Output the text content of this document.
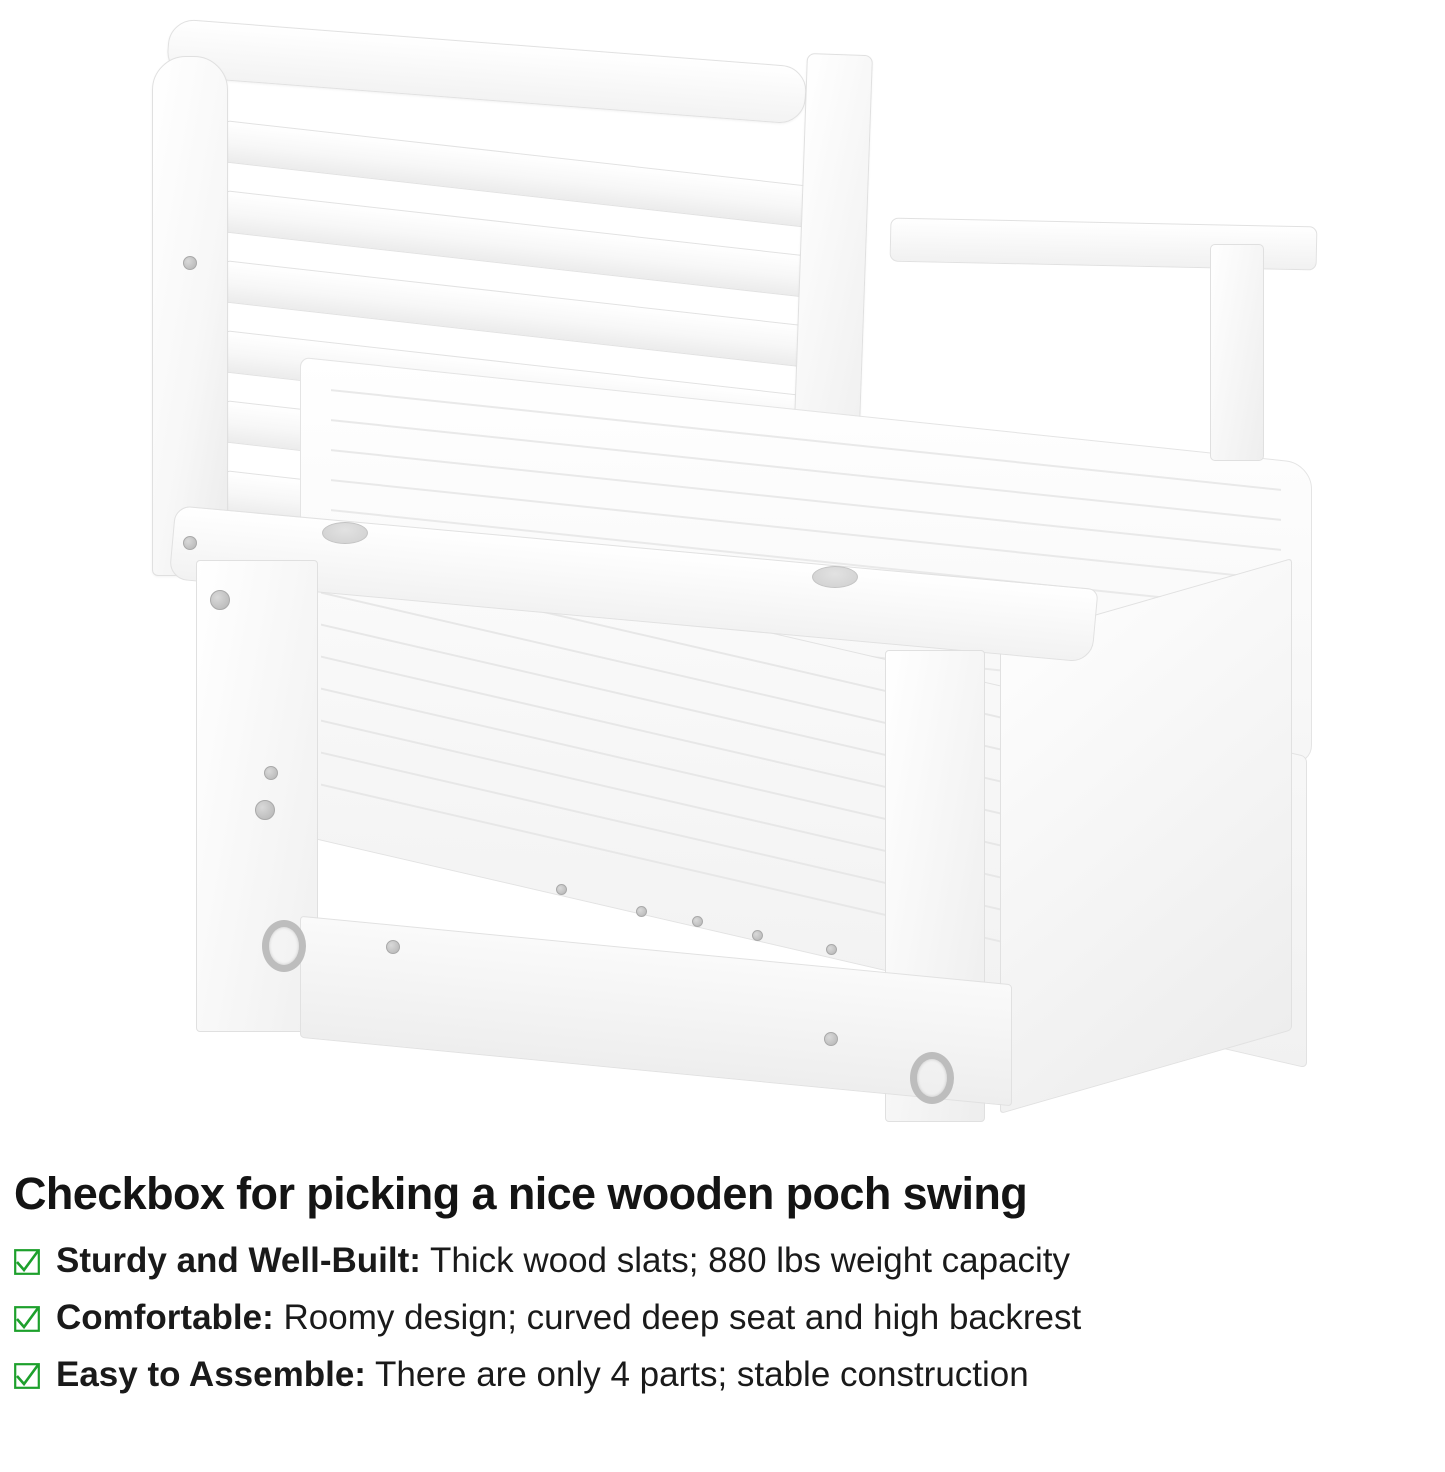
Checkbox for picking a nice wooden poch swing
Sturdy and Well-Built: Thick wood slats; 880 lbs weight capacity
Comfortable: Roomy design; curved deep seat and high backrest
Easy to Assemble: There are only 4 parts; stable construction
